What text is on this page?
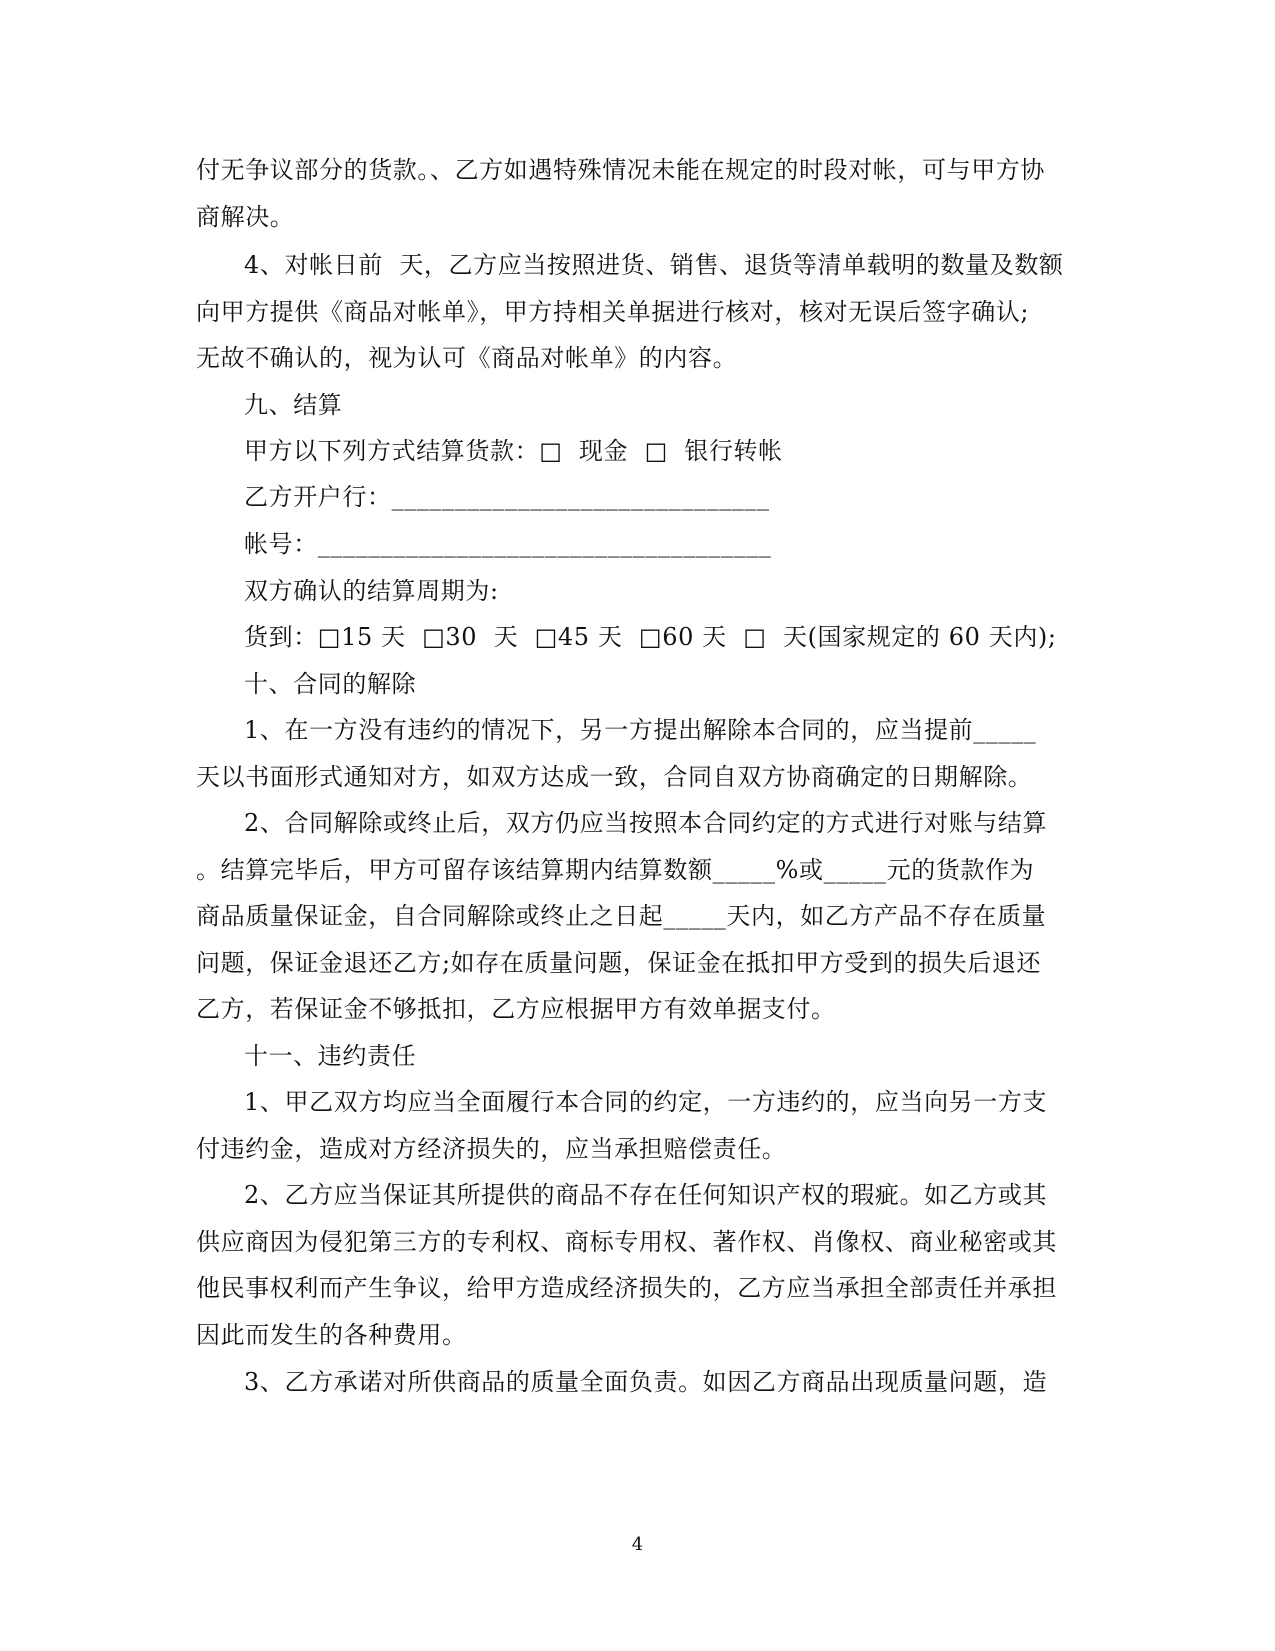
付无争议部分的货款。、乙方如遇特殊情况未能在规定的时段对帐，可与甲方协
商解决。
4、对帐日前  天，乙方应当按照进货、销售、退货等清单载明的数量及数额
向甲方提供《商品对帐单》，甲方持相关单据进行核对，核对无误后签字确认;
无故不确认的，视为认可《商品对帐单》的内容。
九、结算
甲方以下列方式结算货款：□  现金  □  银行转帐
乙方开户行：______________________________
帐号：____________________________________
双方确认的结算周期为:
货到：□15 天  □30  天  □45 天  □60 天  □  天(国家规定的 60 天内);
十、合同的解除
1、在一方没有违约的情况下，另一方提出解除本合同的，应当提前_____
天以书面形式通知对方，如双方达成一致，合同自双方协商确定的日期解除。
2、合同解除或终止后，双方仍应当按照本合同约定的方式进行对账与结算
。结算完毕后，甲方可留存该结算期内结算数额_____%或_____元的货款作为
商品质量保证金，自合同解除或终止之日起_____天内，如乙方产品不存在质量
问题，保证金退还乙方;如存在质量问题，保证金在抵扣甲方受到的损失后退还
乙方，若保证金不够抵扣，乙方应根据甲方有效单据支付。
十一、违约责任
1、甲乙双方均应当全面履行本合同的约定，一方违约的，应当向另一方支
付违约金，造成对方经济损失的，应当承担赔偿责任。
2、乙方应当保证其所提供的商品不存在任何知识产权的瑕疵。如乙方或其
供应商因为侵犯第三方的专利权、商标专用权、著作权、肖像权、商业秘密或其
他民事权利而产生争议，给甲方造成经济损失的，乙方应当承担全部责任并承担
因此而发生的各种费用。
3、乙方承诺对所供商品的质量全面负责。如因乙方商品出现质量问题，造
4
